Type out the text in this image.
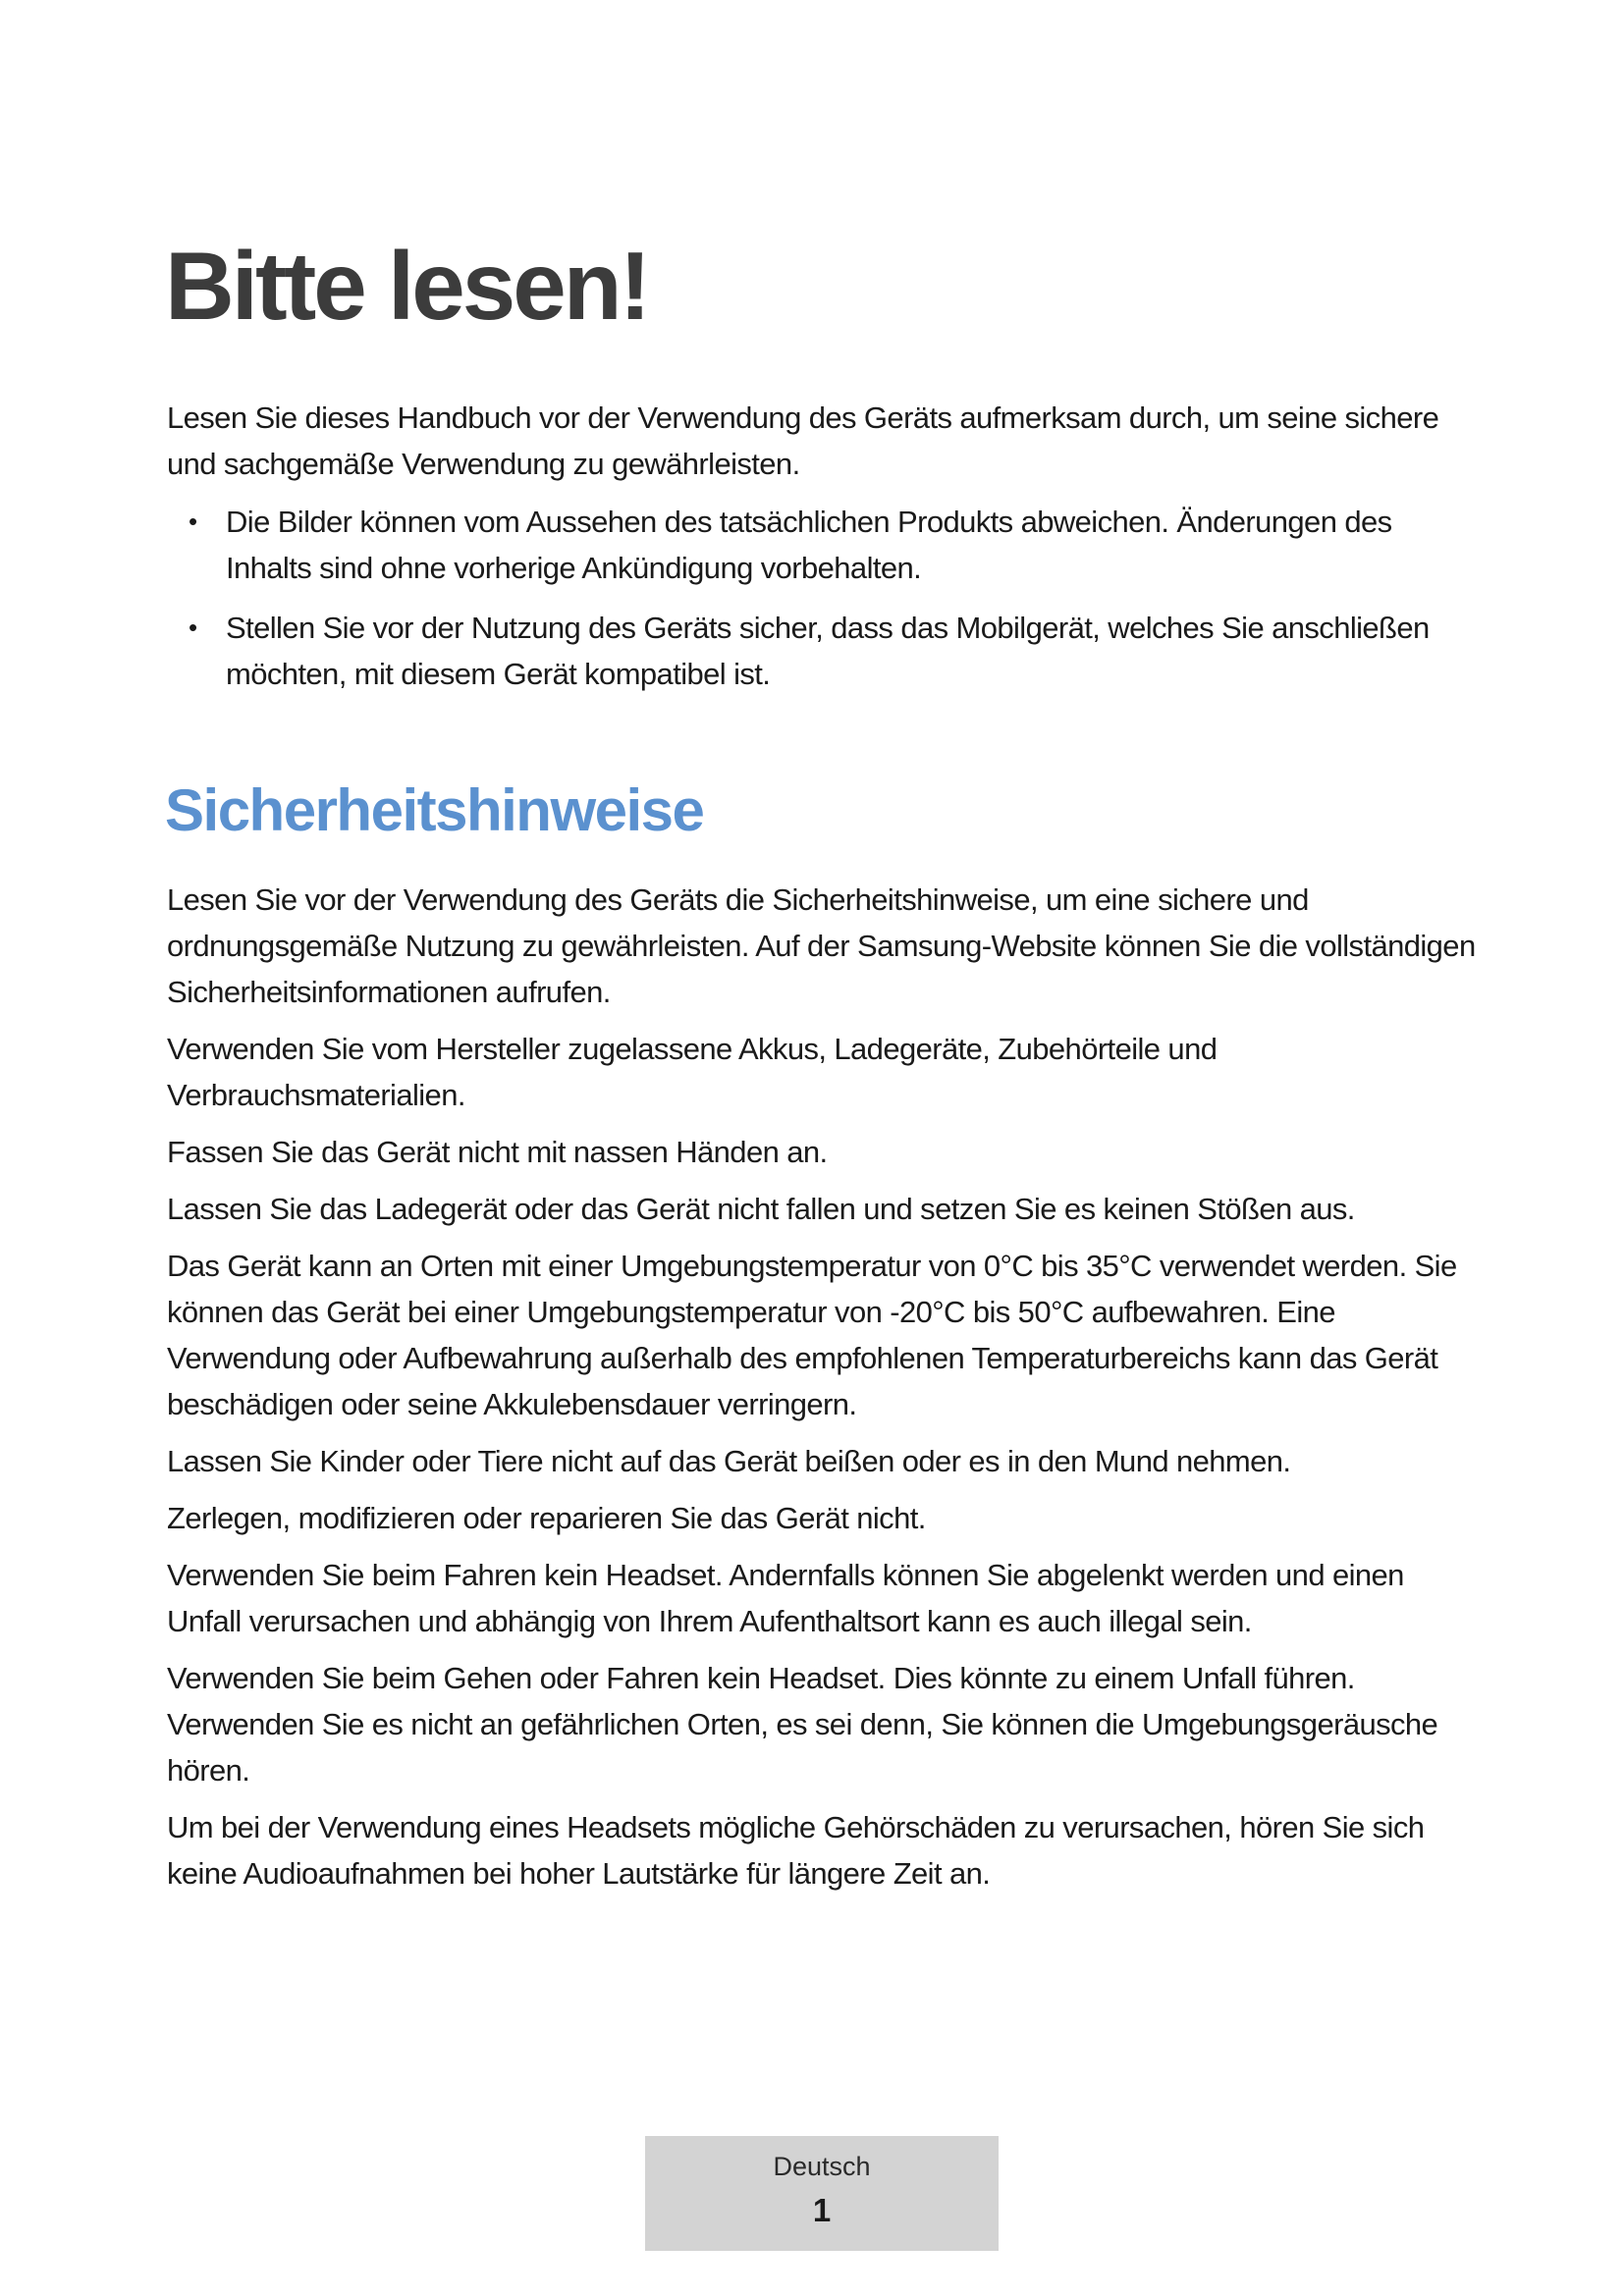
Bitte lesen!

Lesen Sie dieses Handbuch vor der Verwendung des Geräts aufmerksam durch, um seine sichere und sachgemäße Verwendung zu gewährleisten.

• Die Bilder können vom Aussehen des tatsächlichen Produkts abweichen. Änderungen des Inhalts sind ohne vorherige Ankündigung vorbehalten.
• Stellen Sie vor der Nutzung des Geräts sicher, dass das Mobilgerät, welches Sie anschließen möchten, mit diesem Gerät kompatibel ist.
Sicherheitshinweise

Lesen Sie vor der Verwendung des Geräts die Sicherheitshinweise, um eine sichere und ordnungsgemäße Nutzung zu gewährleisten. Auf der Samsung-Website können Sie die vollständigen Sicherheitsinformationen aufrufen.

Verwenden Sie vom Hersteller zugelassene Akkus, Ladegeräte, Zubehörteile und Verbrauchsmaterialien.

Fassen Sie das Gerät nicht mit nassen Händen an.

Lassen Sie das Ladegerät oder das Gerät nicht fallen und setzen Sie es keinen Stößen aus.

Das Gerät kann an Orten mit einer Umgebungstemperatur von 0°C bis 35°C verwendet werden. Sie können das Gerät bei einer Umgebungstemperatur von -20°C bis 50°C aufbewahren. Eine Verwendung oder Aufbewahrung außerhalb des empfohlenen Temperaturbereichs kann das Gerät beschädigen oder seine Akkulebensdauer verringern.

Lassen Sie Kinder oder Tiere nicht auf das Gerät beißen oder es in den Mund nehmen.

Zerlegen, modifizieren oder reparieren Sie das Gerät nicht.

Verwenden Sie beim Fahren kein Headset. Andernfalls können Sie abgelenkt werden und einen Unfall verursachen und abhängig von Ihrem Aufenthaltsort kann es auch illegal sein.

Verwenden Sie beim Gehen oder Fahren kein Headset. Dies könnte zu einem Unfall führen. Verwenden Sie es nicht an gefährlichen Orten, es sei denn, Sie können die Umgebungsgeräusche hören.

Um bei der Verwendung eines Headsets mögliche Gehörschäden zu verursachen, hören Sie sich keine Audioaufnahmen bei hoher Lautstärke für längere Zeit an.

Deutsch
1
